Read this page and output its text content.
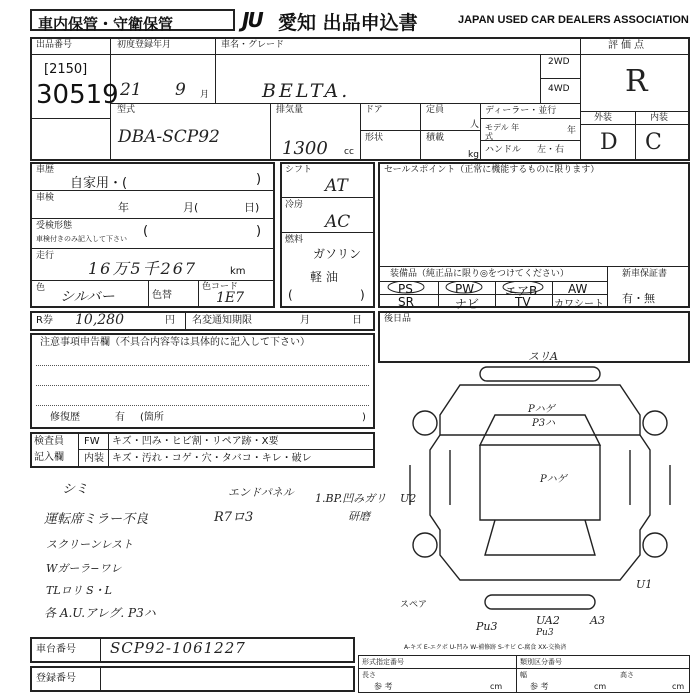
車内保管・守衛保管	JU 愛知 出品申込書	JAPAN USED CAR DEALERS ASSOCIATION
出品番号
[2150]
30519
初度登録年月
21 9 月
車名・グレード
BELTA.
2WD
4WD
評価点
R
型式
DBA-SCP92
排気量
1300 cc
ドア
形状
定員
人
積載
kg
ディーラー・並行
モデル 年式
年
ハンドル 左・右
外装	内装
D C
車歴
自家用・(	)
車検
年	月(	日)
受検形態
車検付きのみ記入して下さい (	)
走行
16万5千267	km
色
シルバー	色替
色コード
1E7
シフト
AT
冷房
AC
燃料
ガソリン
軽 油
(	)
セールスポイント（正常に機能するものに限ります）
装備品（純正品に限り◎をつけてください）	新車保証書
有・無
PS	PW	エアB	AW
SR	ナビ	TV カワシート
R券 10,280	円 名変通知期限	月	日
注意事項申告欄（不具合内容等は具体的に記入して下さい）
修復歴	有 (箇所	)
検査員
記入欄
FW キズ・凹み・ヒビ割・リペア跡・X要
内装 キズ・汚れ・コゲ・穴・タバコ・キレ・破レ
シミ
運転席ミラー不良
スクリーンレスト
Wガーラ−ワレ
TLロリ S・L
各 A.U.アレグ. P3ハ
エンドパネル
R7ロ3
1.BP.凹みガリ
研磨
後日品
スリA
Pハゲ
P3ハ
Pハゲ
U2
U1
Pu3	UA2
Pu3
A3
スペア
A-キズ E-エクボ U-凹み W-補修跡 S-サビ C-腐食 XX-交換済
車台番号 SCP92-1061227
登録番号
形式指定番号	類別区分番号
長さ	幅	高さ
参 考	参 考
cm	cm	cm
